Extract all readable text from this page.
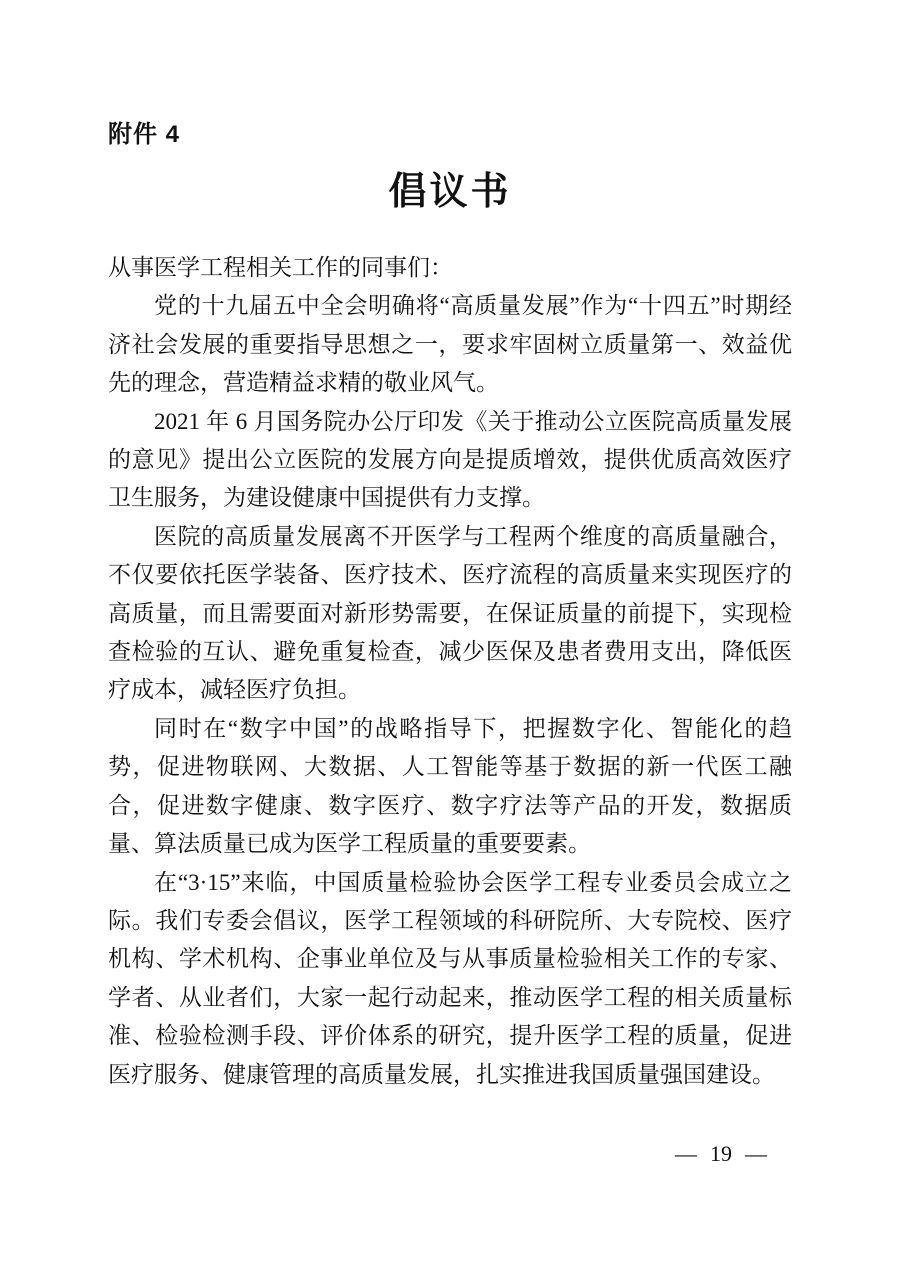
附件 4
倡议书

从事医学工程相关工作的同事们：

党的十九届五中全会明确将“高质量发展”作为“十四五”时期经济社会发展的重要指导思想之一，要求牢固树立质量第一、效益优先的理念，营造精益求精的敬业风气。

2021 年 6 月国务院办公厅印发《关于推动公立医院高质量发展的意见》提出公立医院的发展方向是提质增效，提供优质高效医疗卫生服务，为建设健康中国提供有力支撑。

医院的高质量发展离不开医学与工程两个维度的高质量融合，不仅要依托医学装备、医疗技术、医疗流程的高质量来实现医疗的高质量，而且需要面对新形势需要，在保证质量的前提下，实现检查检验的互认、避免重复检查，减少医保及患者费用支出，降低医疗成本，减轻医疗负担。

同时在“数字中国”的战略指导下，把握数字化、智能化的趋势，促进物联网、大数据、人工智能等基于数据的新一代医工融合，促进数字健康、数字医疗、数字疗法等产品的开发，数据质量、算法质量已成为医学工程质量的重要要素。

在“3·15”来临，中国质量检验协会医学工程专业委员会成立之际。我们专委会倡议，医学工程领域的科研院所、大专院校、医疗机构、学术机构、企事业单位及与从事质量检验相关工作的专家、学者、从业者们，大家一起行动起来，推动医学工程的相关质量标准、检验检测手段、评价体系的研究，提升医学工程的质量，促进医疗服务、健康管理的高质量发展，扎实推进我国质量强国建设。

— 19 —
